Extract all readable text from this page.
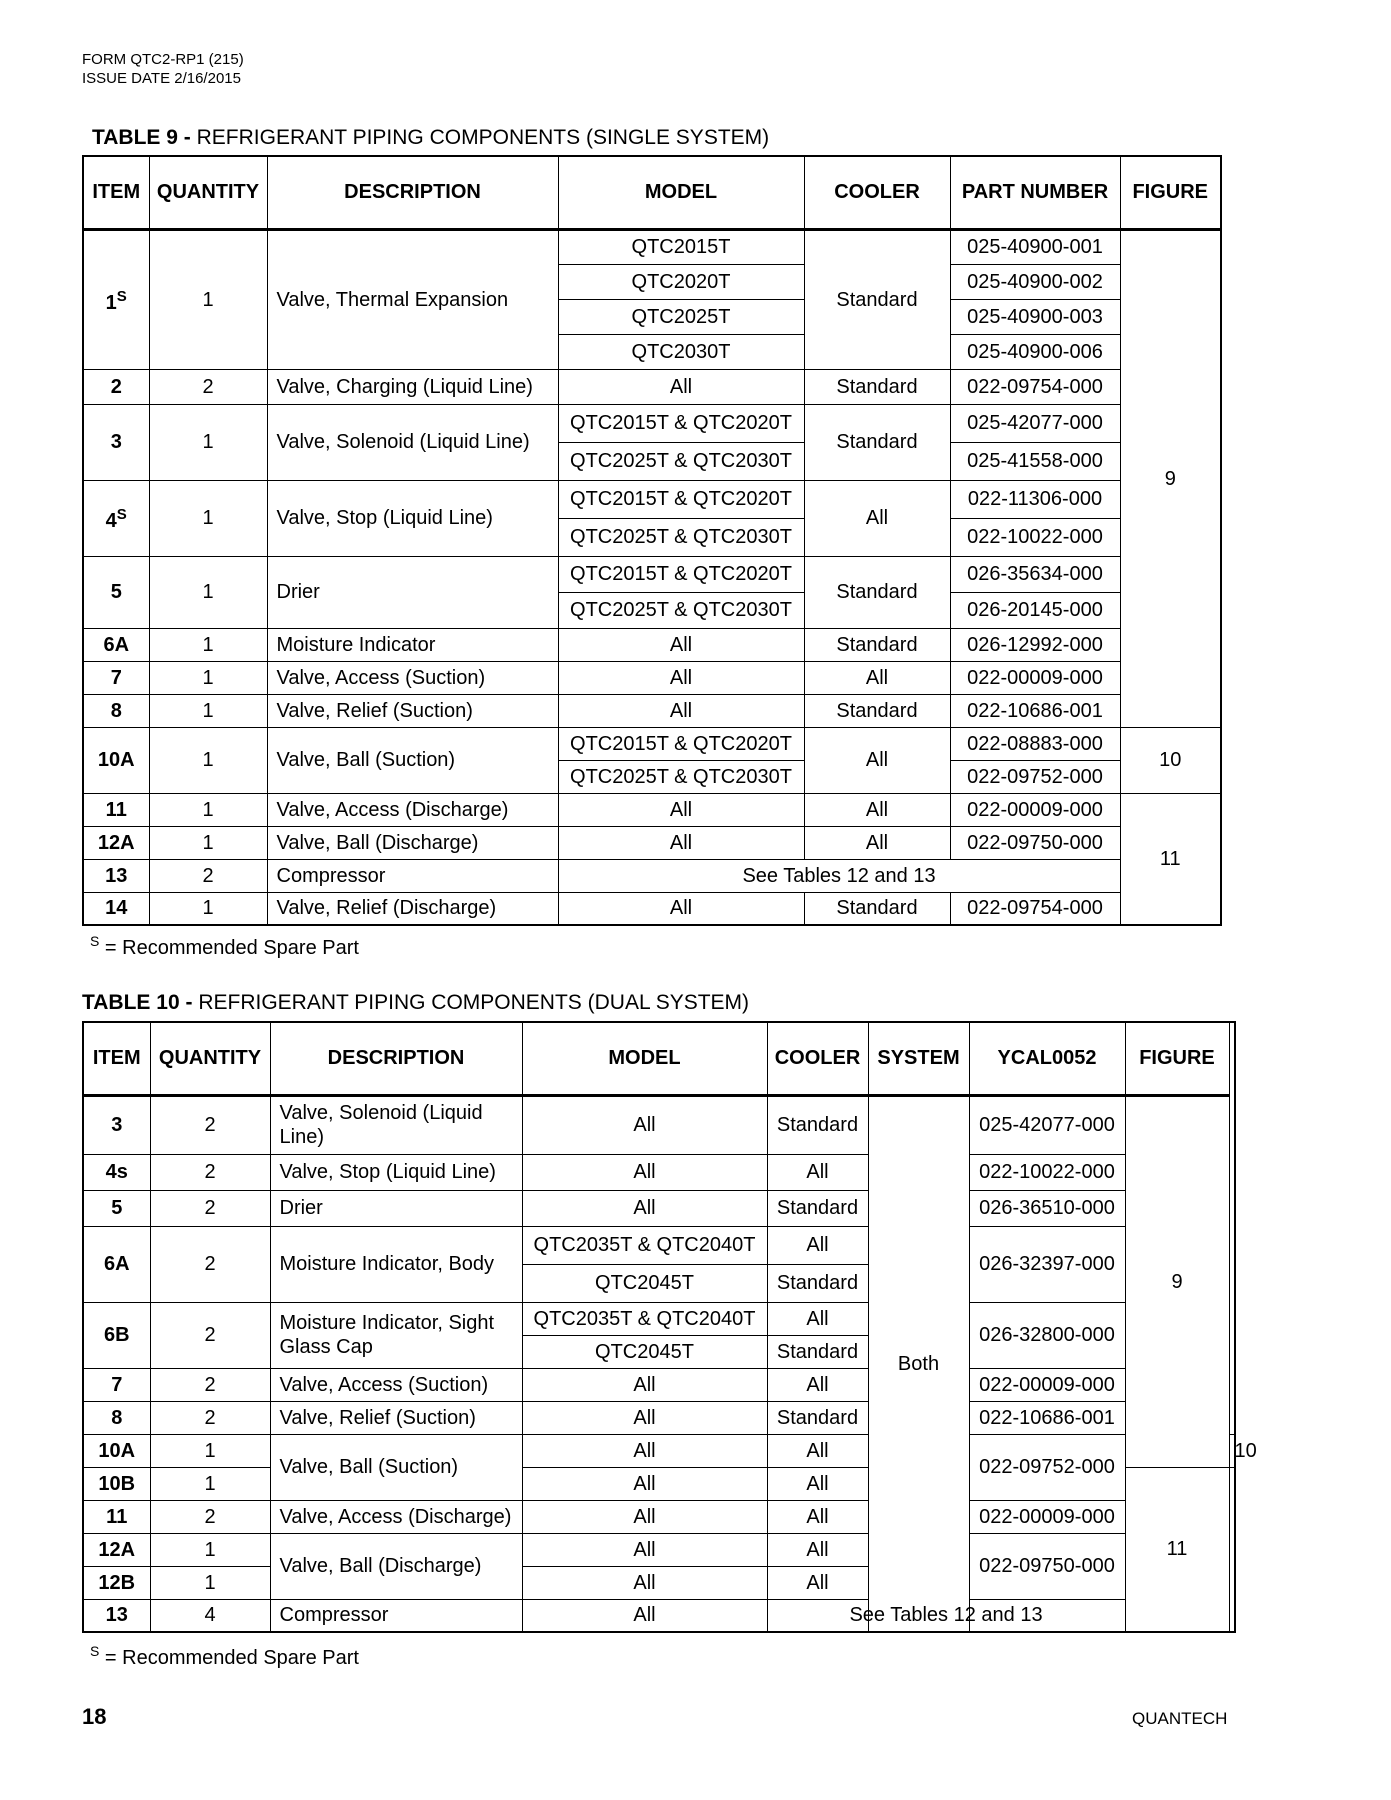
FORM QTC2-RP1 (215)
ISSUE DATE 2/16/2015
TABLE 9 - REFRIGERANT PIPING COMPONENTS (SINGLE SYSTEM)
ITEM	QUANTITY	DESCRIPTION	MODEL	COOLER	PART NUMBER	FIGURE
$1^S$	1	Valve, Thermal Expansion	QTC2015T	Standard	025-40900-001	9
			QTC2020T		025-40900-002	
			QTC2025T		025-40900-003	
			QTC2030T		025-40900-006	
2	2	Valve, Charging (Liquid Line)	All	Standard	022-09754-000	
3	1	Valve, Solenoid (Liquid Line)	QTC2015T & QTC2020T	Standard	025-42077-000	
			QTC2025T & QTC2030T		025-41558-000	
$4^S$	1	Valve, Stop (Liquid Line)	QTC2015T & QTC2020T	All	022-11306-000	
			QTC2025T & QTC2030T		022-10022-000	
5	1	Drier	QTC2015T & QTC2020T	Standard	026-35634-000	
			QTC2025T & QTC2030T		026-20145-000	
6A	1	Moisture Indicator	All	Standard	026-12992-000	
7	1	Valve, Access (Suction)	All	All	022-00009-000	
8	1	Valve, Relief (Suction)	All	Standard	022-10686-001	
10A	1	Valve, Ball (Suction)	QTC2015T & QTC2020T	All	022-08883-000	10
			QTC2025T & QTC2030T		022-09752-000	
11	1	Valve, Access (Discharge)	All	All	022-00009-000	11
12A	1	Valve, Ball (Discharge)	All	All	022-09750-000	
13	2	Compressor	See Tables 12 and 13			
14	1	Valve, Relief (Discharge)	All	Standard	022-09754-000	
$^S$ = Recommended Spare Part
TABLE 10 - REFRIGERANT PIPING COMPONENTS (DUAL SYSTEM)
ITEM	QUANTITY	DESCRIPTION	MODEL	COOLER	SYSTEM	YCAL0052	FIGURE	
3	2	Valve, Solenoid (Liquid Line)	All	Standard	Both	025-42077-000	9	
4s	2	Valve, Stop (Liquid Line)	All	All		022-10022-000		
5	2	Drier	All	Standard		026-36510-000		
6A	2	Moisture Indicator, Body	QTC2035T & QTC2040T	All		026-32397-000		
			QTC2045T	Standard				
6B	2	Moisture Indicator, Sight Glass Cap	QTC2035T & QTC2040T	All		026-32800-000		
			QTC2045T	Standard				
7	2	Valve, Access (Suction)	All	All		022-00009-000		
8	2	Valve, Relief (Suction)	All	Standard		022-10686-001		
10A	1	Valve, Ball (Suction)	All	All		022-09752-000		10
10B	1		All	All			11	
11	2	Valve, Access (Discharge)	All	All		022-00009-000		
12A	1	Valve, Ball (Discharge)	All	All		022-09750-000		
12B	1		All	All				
13	4	Compressor	All	See Tables 12 and 13				
$^S$ = Recommended Spare Part
18	QUANTECH
